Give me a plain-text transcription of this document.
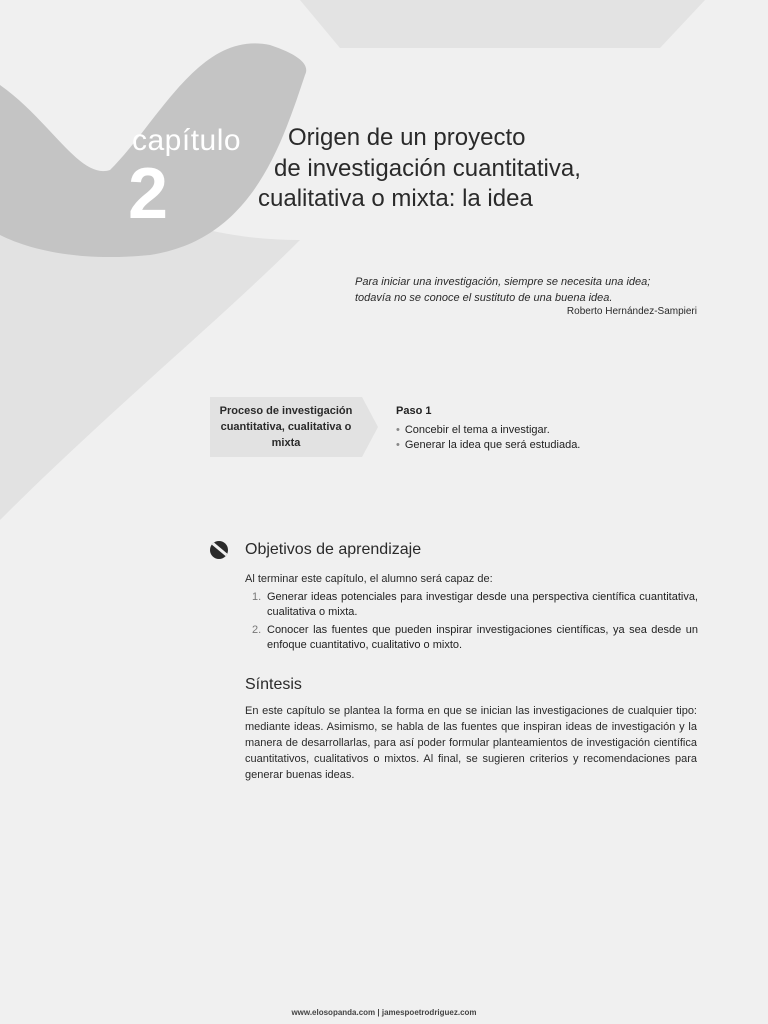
capítulo
2
Origen de un proyecto
de investigación cuantitativa,
cualitativa o mixta: la idea
Para iniciar una investigación, siempre se necesita una idea;
todavía no se conoce el sustituto de una buena idea.
Roberto Hernández-Sampieri
Proceso de investigación cuantitativa, cualitativa o mixta
Paso 1
• Concebir el tema a investigar.
• Generar la idea que será estudiada.
Objetivos de aprendizaje
Al terminar este capítulo, el alumno será capaz de:
1. Generar ideas potenciales para investigar desde una perspectiva científica cuantitativa, cualitativa o mixta.
2. Conocer las fuentes que pueden inspirar investigaciones científicas, ya sea desde un enfoque cuantitativo, cualitativo o mixto.
Síntesis
En este capítulo se plantea la forma en que se inician las investigaciones de cualquier tipo: mediante ideas. Asimismo, se habla de las fuentes que inspiran ideas de investigación y la manera de desarrollarlas, para así poder formular planteamientos de investigación científica cuantitativos, cualitativos o mixtos. Al final, se sugieren criterios y recomendaciones para generar buenas ideas.
www.elosopanda.com | jamespoetrodriguez.com
